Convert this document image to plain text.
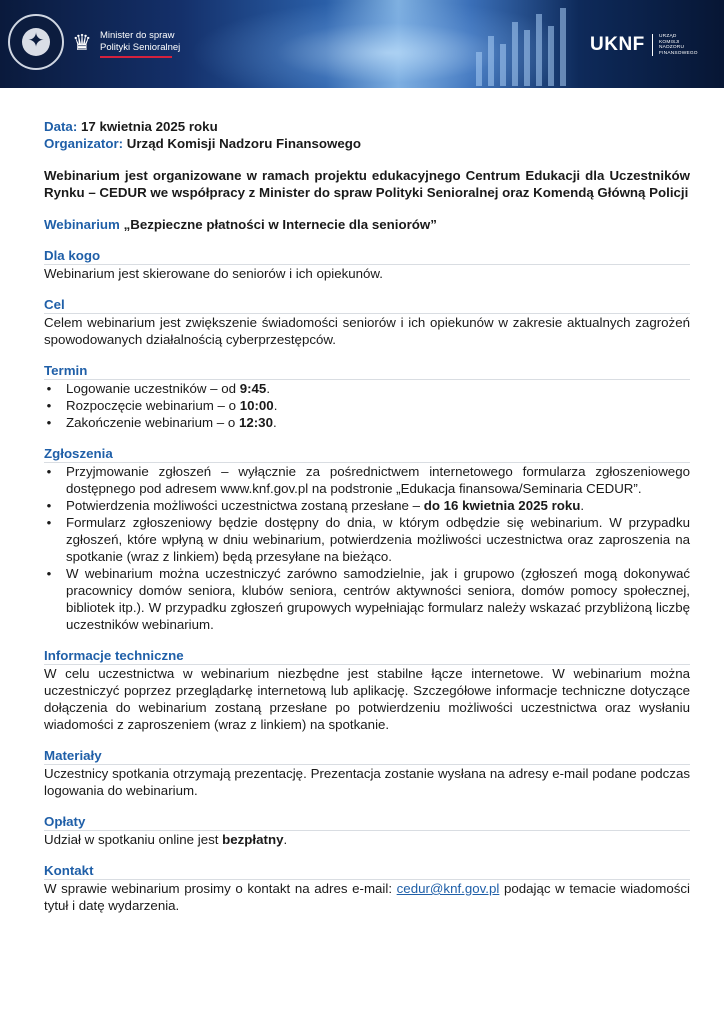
✦ ♛ Minister do spraw
Polityki Senioralnej	UKNF	URZĄD
KOMISJI
NADZORU
FINANSOWEGO
Data: 17 kwietnia 2025 roku
Organizator: Urząd Komisji Nadzoru Finansowego
Webinarium jest organizowane w ramach projektu edukacyjnego Centrum Edukacji dla Uczestników Rynku – CEDUR we współpracy z Minister do spraw Polityki Senioralnej oraz Komendą Główną Policji
Webinarium „Bezpieczne płatności w Internecie dla seniorów”
Dla kogo

Webinarium jest skierowane do seniorów i ich opiekunów.

Cel

Celem webinarium jest zwiększenie świadomości seniorów i ich opiekunów w zakresie aktualnych zagrożeń spowodowanych działalnością cyberprzestępców.

Termin
• Logowanie uczestników – od 9:45.
• Rozpoczęcie webinarium – o 10:00.
• Zakończenie webinarium – o 12:30.
Zgłoszenia
• Przyjmowanie zgłoszeń – wyłącznie za pośrednictwem internetowego formularza zgłoszeniowego dostępnego pod adresem www.knf.gov.pl na podstronie „Edukacja finansowa/Seminaria CEDUR”.
• Potwierdzenia możliwości uczestnictwa zostaną przesłane – do 16 kwietnia 2025 roku.
• Formularz zgłoszeniowy będzie dostępny do dnia, w którym odbędzie się webinarium. W przypadku zgłoszeń, które wpłyną w dniu webinarium, potwierdzenia możliwości uczestnictwa oraz zaproszenia na spotkanie (wraz z linkiem) będą przesyłane na bieżąco.
• W webinarium można uczestniczyć zarówno samodzielnie, jak i grupowo (zgłoszeń mogą dokonywać pracownicy domów seniora, klubów seniora, centrów aktywności seniora, domów pomocy społecznej, bibliotek itp.). W przypadku zgłoszeń grupowych wypełniając formularz należy wskazać przybliżoną liczbę uczestników webinarium.
Informacje techniczne

W celu uczestnictwa w webinarium niezbędne jest stabilne łącze internetowe. W webinarium można uczestniczyć poprzez przeglądarkę internetową lub aplikację. Szczegółowe informacje techniczne dotyczące dołączenia do webinarium zostaną przesłane po potwierdzeniu możliwości uczestnictwa oraz wysłaniu wiadomości z zaproszeniem (wraz z linkiem) na spotkanie.

Materiały

Uczestnicy spotkania otrzymają prezentację. Prezentacja zostanie wysłana na adresy e-mail podane podczas logowania do webinarium.

Opłaty

Udział w spotkaniu online jest bezpłatny.

Kontakt

W sprawie webinarium prosimy o kontakt na adres e-mail: cedur@knf.gov.pl podając w temacie wiadomości tytuł i datę wydarzenia.
